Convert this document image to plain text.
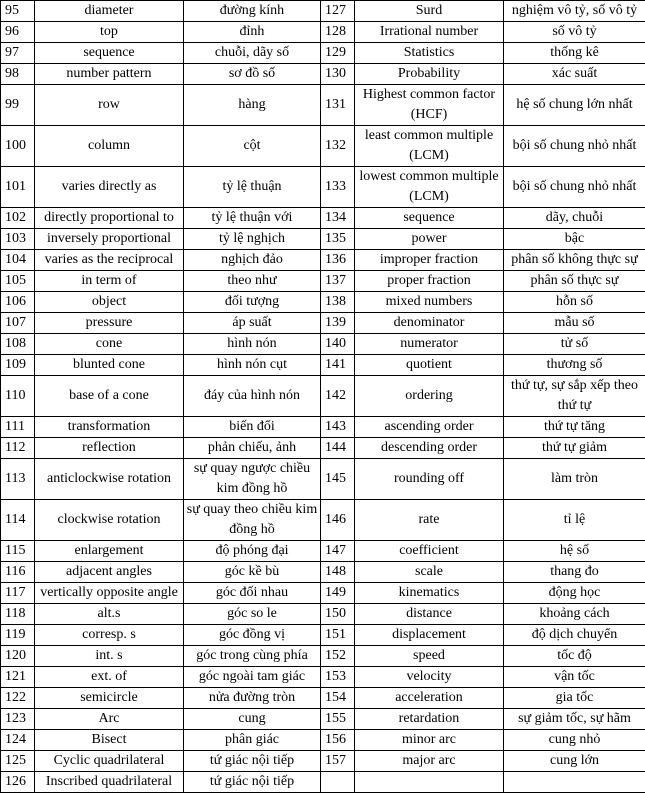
95	diameter	đường kính	127	Surd	nghiệm vô tỷ, số vô tỷ
96	top	đỉnh	128	Irrational number	số vô tỷ
97	sequence	chuỗi, dãy số	129	Statistics	thống kê
98	number pattern	sơ đồ số	130	Probability	xác suất
99	row	hàng	131	Highest common factor (HCF)	hệ số chung lớn nhất
100	column	cột	132	least common multiple (LCM)	bội số chung nhỏ nhất
101	varies directly as	tỷ lệ thuận	133	lowest common multiple (LCM)	bội số chung nhỏ nhất
102	directly proportional to	tỷ lệ thuận với	134	sequence	dãy, chuỗi
103	inversely proportional	tỷ lệ nghịch	135	power	bậc
104	varies as the reciprocal	nghịch đảo	136	improper fraction	phân số không thực sự
105	in term of	theo như	137	proper fraction	phân số thực sự
106	object	đối tượng	138	mixed numbers	hỗn số
107	pressure	áp suất	139	denominator	mẫu số
108	cone	hình nón	140	numerator	tử số
109	blunted cone	hình nón cụt	141	quotient	thương số
110	base of a cone	đáy của hình nón	142	ordering	thứ tự, sự sắp xếp theo thứ tự
111	transformation	biến đổi	143	ascending order	thứ tự tăng
112	reflection	phản chiếu, ảnh	144	descending order	thứ tự giảm
113	anticlockwise rotation	sự quay ngược chiều kim đồng hồ	145	rounding off	làm tròn
114	clockwise rotation	sự quay theo chiều kim đồng hồ	146	rate	tỉ lệ
115	enlargement	độ phóng đại	147	coefficient	hệ số
116	adjacent angles	góc kề bù	148	scale	thang đo
117	vertically opposite angle	góc đối nhau	149	kinematics	động học
118	alt.s	góc so le	150	distance	khoảng cách
119	corresp. s	góc đồng vị	151	displacement	độ dịch chuyển
120	int. s	góc trong cùng phía	152	speed	tốc độ
121	ext. of	góc ngoài tam giác	153	velocity	vận tốc
122	semicircle	nửa đường tròn	154	acceleration	gia tốc
123	Arc	cung	155	retardation	sự giảm tốc, sự hãm
124	Bisect	phân giác	156	minor arc	cung nhỏ
125	Cyclic quadrilateral	tứ giác nội tiếp	157	major arc	cung lớn
126	Inscribed quadrilateral	tứ giác nội tiếp			
